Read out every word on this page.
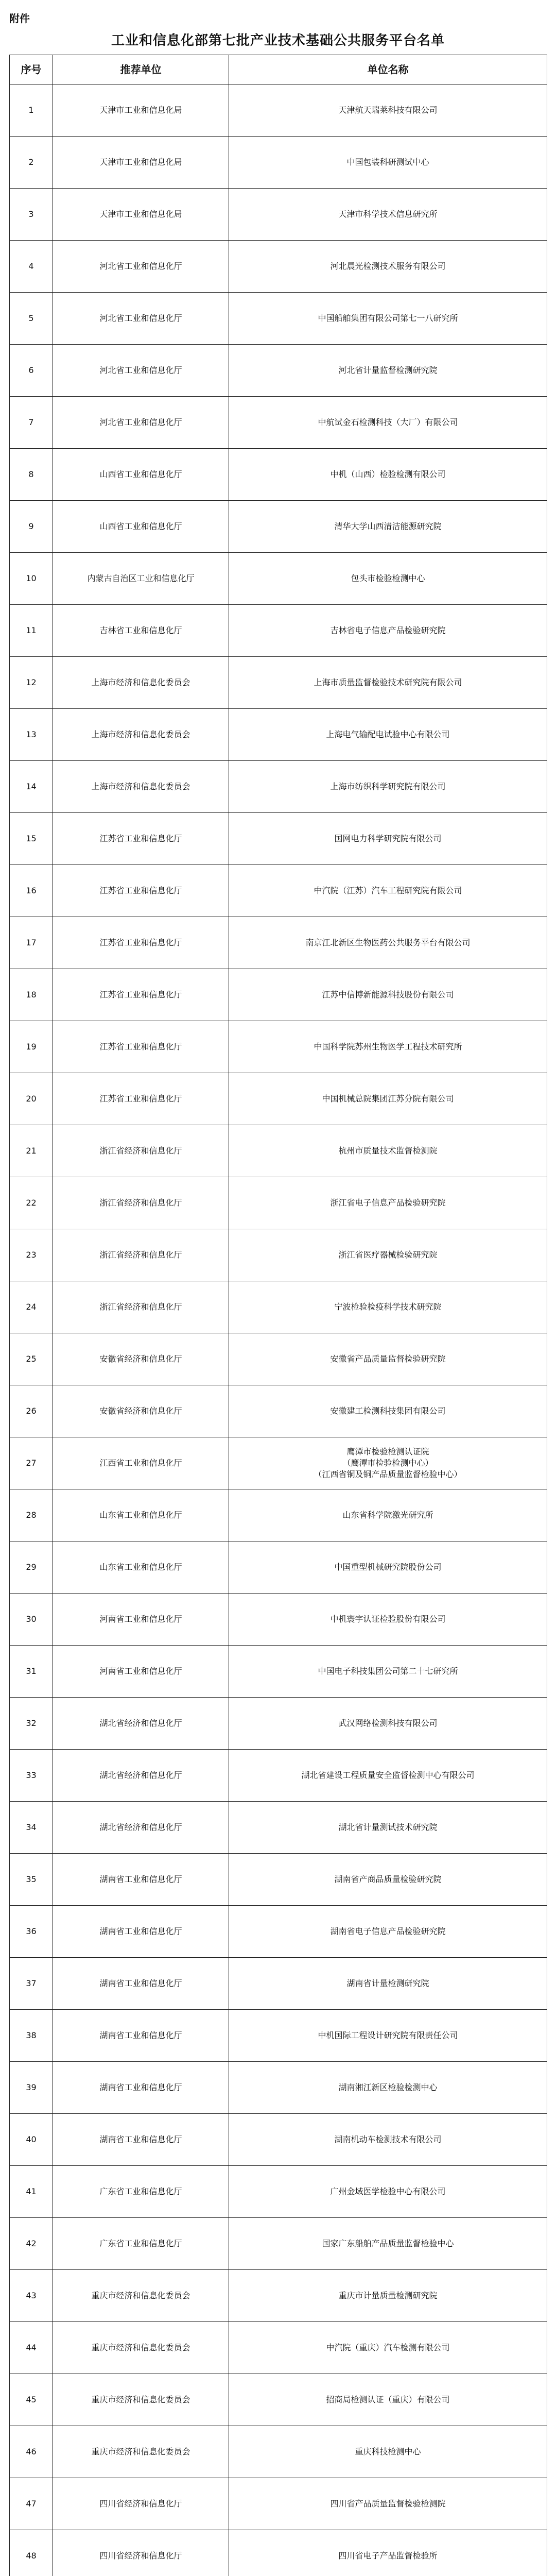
附件
工业和信息化部第七批产业技术基础公共服务平台名单
序号	推荐单位	单位名称
1	天津市工业和信息化局	天津航天瑞莱科技有限公司
2	天津市工业和信息化局	中国包装科研测试中心
3	天津市工业和信息化局	天津市科学技术信息研究所
4	河北省工业和信息化厅	河北晨光检测技术服务有限公司
5	河北省工业和信息化厅	中国船舶集团有限公司第七一八研究所
6	河北省工业和信息化厅	河北省计量监督检测研究院
7	河北省工业和信息化厅	中航试金石检测科技（大厂）有限公司
8	山西省工业和信息化厅	中机（山西）检验检测有限公司
9	山西省工业和信息化厅	清华大学山西清洁能源研究院
10	内蒙古自治区工业和信息化厅	包头市检验检测中心
11	吉林省工业和信息化厅	吉林省电子信息产品检验研究院
12	上海市经济和信息化委员会	上海市质量监督检验技术研究院有限公司
13	上海市经济和信息化委员会	上海电气输配电试验中心有限公司
14	上海市经济和信息化委员会	上海市纺织科学研究院有限公司
15	江苏省工业和信息化厅	国网电力科学研究院有限公司
16	江苏省工业和信息化厅	中汽院（江苏）汽车工程研究院有限公司
17	江苏省工业和信息化厅	南京江北新区生物医药公共服务平台有限公司
18	江苏省工业和信息化厅	江苏中信博新能源科技股份有限公司
19	江苏省工业和信息化厅	中国科学院苏州生物医学工程技术研究所
20	江苏省工业和信息化厅	中国机械总院集团江苏分院有限公司
21	浙江省经济和信息化厅	杭州市质量技术监督检测院
22	浙江省经济和信息化厅	浙江省电子信息产品检验研究院
23	浙江省经济和信息化厅	浙江省医疗器械检验研究院
24	浙江省经济和信息化厅	宁波检验检疫科学技术研究院
25	安徽省经济和信息化厅	安徽省产品质量监督检验研究院
26	安徽省经济和信息化厅	安徽建工检测科技集团有限公司
27	江西省工业和信息化厅	鹰潭市检验检测认证院
（鹰潭市检验检测中心）
（江西省铜及铜产品质量监督检验中心）
28	山东省工业和信息化厅	山东省科学院激光研究所
29	山东省工业和信息化厅	中国重型机械研究院股份公司
30	河南省工业和信息化厅	中机寰宇认证检验股份有限公司
31	河南省工业和信息化厅	中国电子科技集团公司第二十七研究所
32	湖北省经济和信息化厅	武汉网络检测科技有限公司
33	湖北省经济和信息化厅	湖北省建设工程质量安全监督检测中心有限公司
34	湖北省经济和信息化厅	湖北省计量测试技术研究院
35	湖南省工业和信息化厅	湖南省产商品质量检验研究院
36	湖南省工业和信息化厅	湖南省电子信息产品检验研究院
37	湖南省工业和信息化厅	湖南省计量检测研究院
38	湖南省工业和信息化厅	中机国际工程设计研究院有限责任公司
39	湖南省工业和信息化厅	湖南湘江新区检验检测中心
40	湖南省工业和信息化厅	湖南机动车检测技术有限公司
41	广东省工业和信息化厅	广州金域医学检验中心有限公司
42	广东省工业和信息化厅	国家广东船舶产品质量监督检验中心
43	重庆市经济和信息化委员会	重庆市计量质量检测研究院
44	重庆市经济和信息化委员会	中汽院（重庆）汽车检测有限公司
45	重庆市经济和信息化委员会	招商局检测认证（重庆）有限公司
46	重庆市经济和信息化委员会	重庆科技检测中心
47	四川省经济和信息化厅	四川省产品质量监督检验检测院
48	四川省经济和信息化厅	四川省电子产品监督检验所
